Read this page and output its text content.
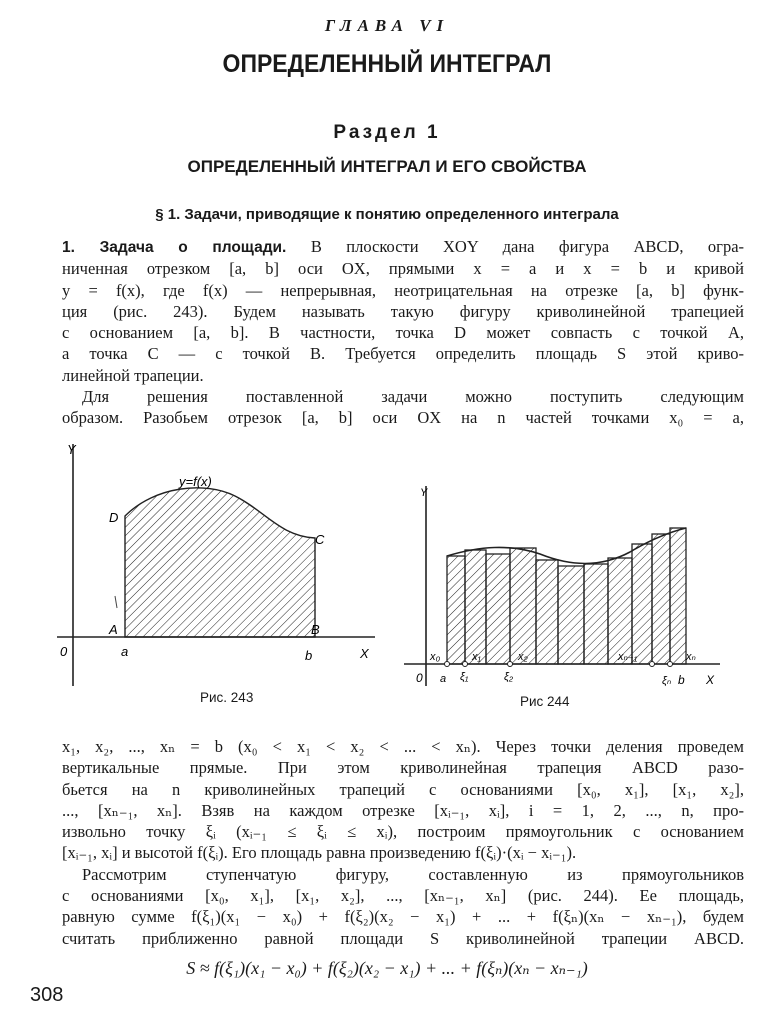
ГЛАВА VI
ОПРЕДЕЛЕННЫЙ ИНТЕГРАЛ
Раздел 1
ОПРЕДЕЛЕННЫЙ ИНТЕГРАЛ И ЕГО СВОЙСТВА
§ 1. Задачи, приводящие к понятию определенного интеграла
1. Задача о площади. В плоскости XOY дана фигура ABCD, огра-
ниченная отрезком [a, b] оси OX, прямыми x = a и x = b и кривой
y = f(x), где f(x) — непрерывная, неотрицательная на отрезке [a, b] функ-
ция (рис. 243). Будем называть такую фигуру криволинейной трапецией
с основанием [a, b]. В частности, точка D может совпасть с точкой A,
а точка C — с точкой B. Требуется определить площадь S этой криво-
линейной трапеции.
Для решения поставленной задачи можно поступить следующим
образом. Разобьем отрезок [a, b] оси OX на n частей точками x₀ = a,
Y
X
0	a	b
A	B
C
D
y=f(x)
Рис. 243
Y
X
0 a	b
x₀	x₁	x₂	xₙ₋₁	xₙ
ξ₁	ξ₂	ξₙ
Рис 244
x₁, x₂, ..., xₙ = b (x₀ < x₁ < x₂ < ... < xₙ). Через точки деления проведем
вертикальные прямые. При этом криволинейная трапеция ABCD разо-
бьется на n криволинейных трапеций с основаниями [x₀, x₁], [x₁, x₂],
..., [xₙ₋₁, xₙ]. Взяв на каждом отрезке [xᵢ₋₁, xᵢ], i = 1, 2, ..., n, про-
извольно точку ξᵢ (xᵢ₋₁ ≤ ξᵢ ≤ xᵢ), построим прямоугольник с основанием
[xᵢ₋₁, xᵢ] и высотой f(ξᵢ). Его площадь равна произведению f(ξᵢ)·(xᵢ − xᵢ₋₁).
Рассмотрим ступенчатую фигуру, составленную из прямоугольников
с основаниями [x₀, x₁], [x₁, x₂], ..., [xₙ₋₁, xₙ] (рис. 244). Ее площадь,
равную сумме f(ξ₁)(x₁ − x₀) + f(ξ₂)(x₂ − x₁) + ... + f(ξₙ)(xₙ − xₙ₋₁), будем
считать приближенно равной площади S криволинейной трапеции ABCD.
S ≈ f(ξ₁)(x₁ − x₀) + f(ξ₂)(x₂ − x₁) + ... + f(ξₙ)(xₙ − xₙ₋₁)
308
